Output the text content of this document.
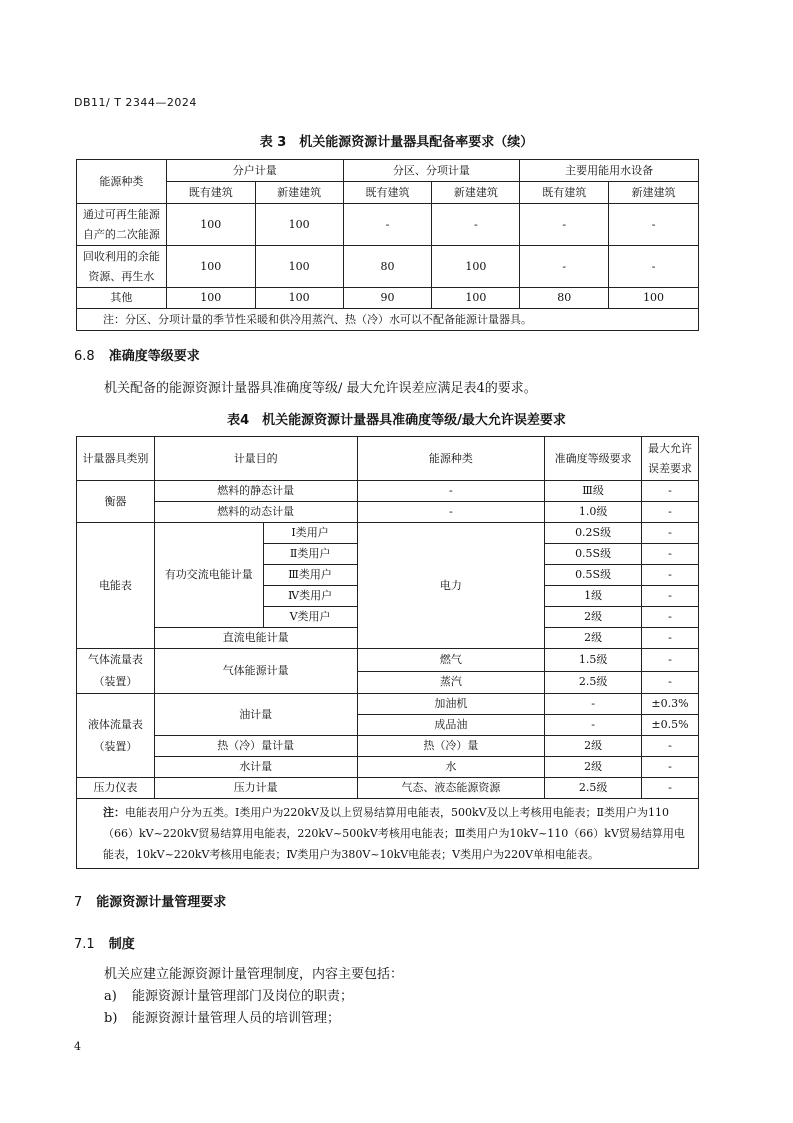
DB11/ T 2344—2024
表 3　机关能源资源计量器具配备率要求（续）
能源种类	分户计量		分区、分项计量		主要用能用水设备	
	既有建筑	新建建筑	既有建筑	新建建筑	既有建筑	新建建筑
通过可再生能源自产的二次能源	100	100	-	-	-	-
回收利用的余能资源、再生水	100	100	80	100	-	-
其他	100	100	90	100	80	100
注：分区、分项计量的季节性采暖和供冷用蒸汽、热（冷）水可以不配备能源计量器具。						
6.8 准确度等级要求
机关配备的能源资源计量器具准确度等级/ 最大允许误差应满足表4的要求。
表4　机关能源资源计量器具准确度等级/最大允许误差要求
计量器具类别	计量目的		能源种类	准确度等级要求	最大允许误差要求
衡器	燃料的静态计量		-	Ⅲ级	-
	燃料的动态计量		-	1.0级	-
电能表	有功交流电能计量	Ⅰ类用户	电力	0.2S级	-
		Ⅱ类用户		0.5S级	-
		Ⅲ类用户		0.5S级	-
		Ⅳ类用户		1级	-
		Ⅴ类用户		2级	-
	直流电能计量			2级	-
气体流量表（装置）	气体能源计量		燃气	1.5级	-
			蒸汽	2.5级	-
液体流量表（装置）	油计量		加油机	-	±0.3%
			成品油	-	±0.5%
	热（冷）量计量		热（冷）量	2级	-
	水计量		水	2级	-
压力仪表	压力计量		气态、液态能源资源	2.5级	-
注：电能表用户分为五类。Ⅰ类用户为220kV及以上贸易结算用电能表，500kV及以上考核用电能表；Ⅱ类用户为110（66）kV~220kV贸易结算用电能表，220kV~500kV考核用电能表；Ⅲ类用户为10kV~110（66）kV贸易结算用电能表，10kV~220kV考核用电能表；Ⅳ类用户为380V~10kV电能表；Ⅴ类用户为220V单相电能表。					
7 能源资源计量管理要求
7.1 制度
机关应建立能源资源计量管理制度，内容主要包括：
a) 能源资源计量管理部门及岗位的职责；
b) 能源资源计量管理人员的培训管理；
4
